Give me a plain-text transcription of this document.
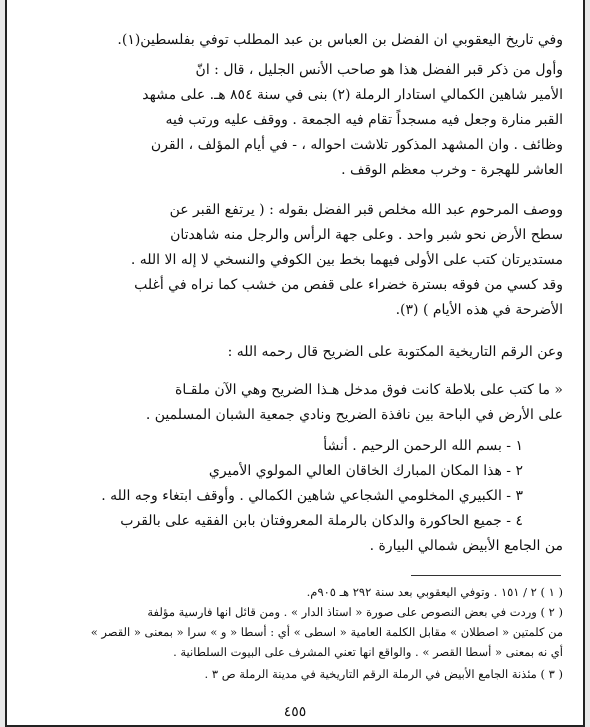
وفي تاريخ اليعقوبي ان الفضل بن العباس بن عبد المطلب توفي بفلسطين(١).
وأول من ذكر قبر الفضل هذا هو صاحب الأنس الجليل ، قال : انّ
الأمير شاهين الكمالي استادار الرملة (٢) بنى في سنة ٨٥٤ هـ. على مشهد
القبر منارة وجعل فيه مسجداً تقام فيه الجمعة . ووقف عليه ورتب فيه
وظائف . وان المشهد المذكور تلاشت احواله ، - في أيام المؤلف ، القرن
العاشر للهجرة - وخرب معظم الوقف .
ووصف المرحوم عبد الله مخلص قبر الفضل بقوله : ( يرتفع القبر عن
سطح الأرض نحو شبر واحد . وعلى جهة الرأس والرجل منه شاهدتان
مستديرتان كتب على الأولى فيهما بخط بين الكوفي والنسخي لا إله الا الله .
وقد كسي من فوقه بسترة خضراء على قفص من خشب كما نراه في أغلب
الأضرحة في هذه الأيام ) (٣).
وعن الرقم التاريخية المكتوبة على الضريح قال رحمه الله :
« ما كتب على بلاطة كانت فوق مدخل هـذا الضريح وهي الآن ملقـاة
على الأرض في الباحة بين نافذة الضريح ونادي جمعية الشبان المسلمين .
١ - بسم الله الرحمن الرحيم . أنشأ
٢ - هذا المكان المبارك الخاقان العالي المولوي الأميري
٣ - الكبيري المخلومي الشجاعي شاهين الكمالي . وأوقف ابتغاء وجه الله .
٤ - جميع الحاكورة والدكان بالرملة المعروفتان بابن الفقيه على بالقرب
من الجامع الأبيض شمالي البيارة .
( ١ ) ٢ / ١٥١ . وتوفي اليعقوبي بعد سنة ٢٩٢ هـ ٩٠٥م.
( ٢ ) وردت في بعض النصوص على صورة « استاذ الدار » . ومن قائل انها فارسية مؤلفة
من كلمتين « اصطلان » مقابل الكلمة العامية « اسطى » أي : أسطا « و » سرا « بمعنى « القصر »
أي نه بمعنى « أسطا القصر » . والواقع انها تعني المشرف على البيوت السلطانية .
( ٣ ) مئذنة الجامع الأبيض في الرملة الرقم التاريخية في مدينة الرملة ص ٣ .
٤٥٥
